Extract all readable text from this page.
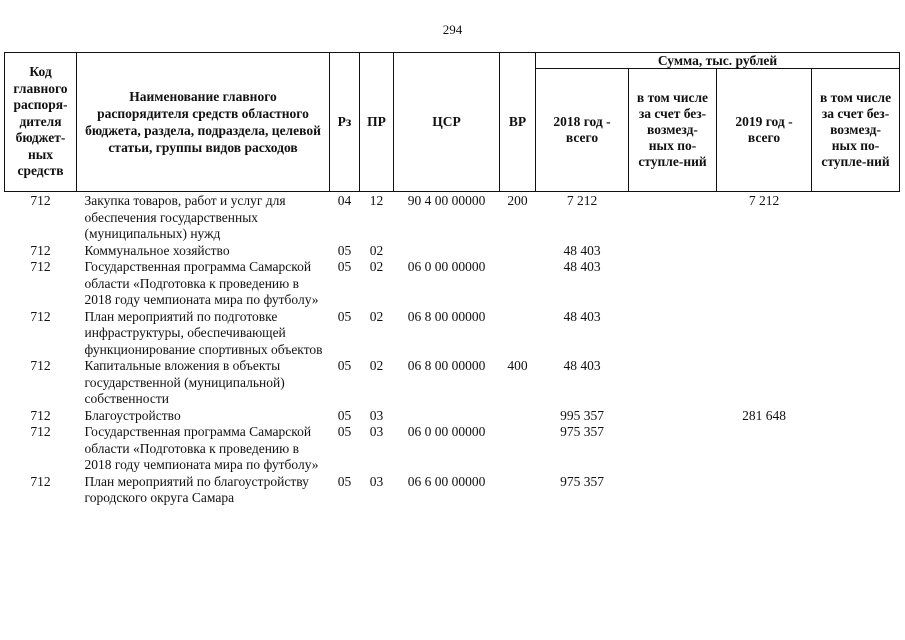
294
Код главного распоря-дителя бюджет-ных средств	Наименование главного распорядителя средств областного бюджета, раздела, подраздела, целевой статьи, группы видов расходов	Рз	ПР	ЦСР	ВР	Сумма, тыс. рублей			
						2018 год - всего	в том числе за счет без-возмезд-ных по-ступле-ний	2019 год - всего	в том числе за счет без-возмезд-ных по-ступле-ний
712	Закупка товаров, работ и услуг для обеспечения государственных (муниципальных) нужд	04	12	90 4 00 00000	200	7 212		7 212	
712	Коммунальное хозяйство	05	02			48 403			
712	Государственная программа Самарской области «Подготовка к проведению в 2018 году чемпионата мира по футболу»	05	02	06 0 00 00000		48 403			
712	План мероприятий по подготовке инфраструктуры, обеспечивающей функционирование спортивных объектов	05	02	06 8 00 00000		48 403			
712	Капитальные вложения в объекты государственной (муниципальной) собственности	05	02	06 8 00 00000	400	48 403			
712	Благоустройство	05	03			995 357		281 648	
712	Государственная программа Самарской области «Подготовка к проведению в 2018 году чемпионата мира по футболу»	05	03	06 0 00 00000		975 357			
712	План мероприятий по благоустройству городского округа Самара	05	03	06 6 00 00000		975 357			
